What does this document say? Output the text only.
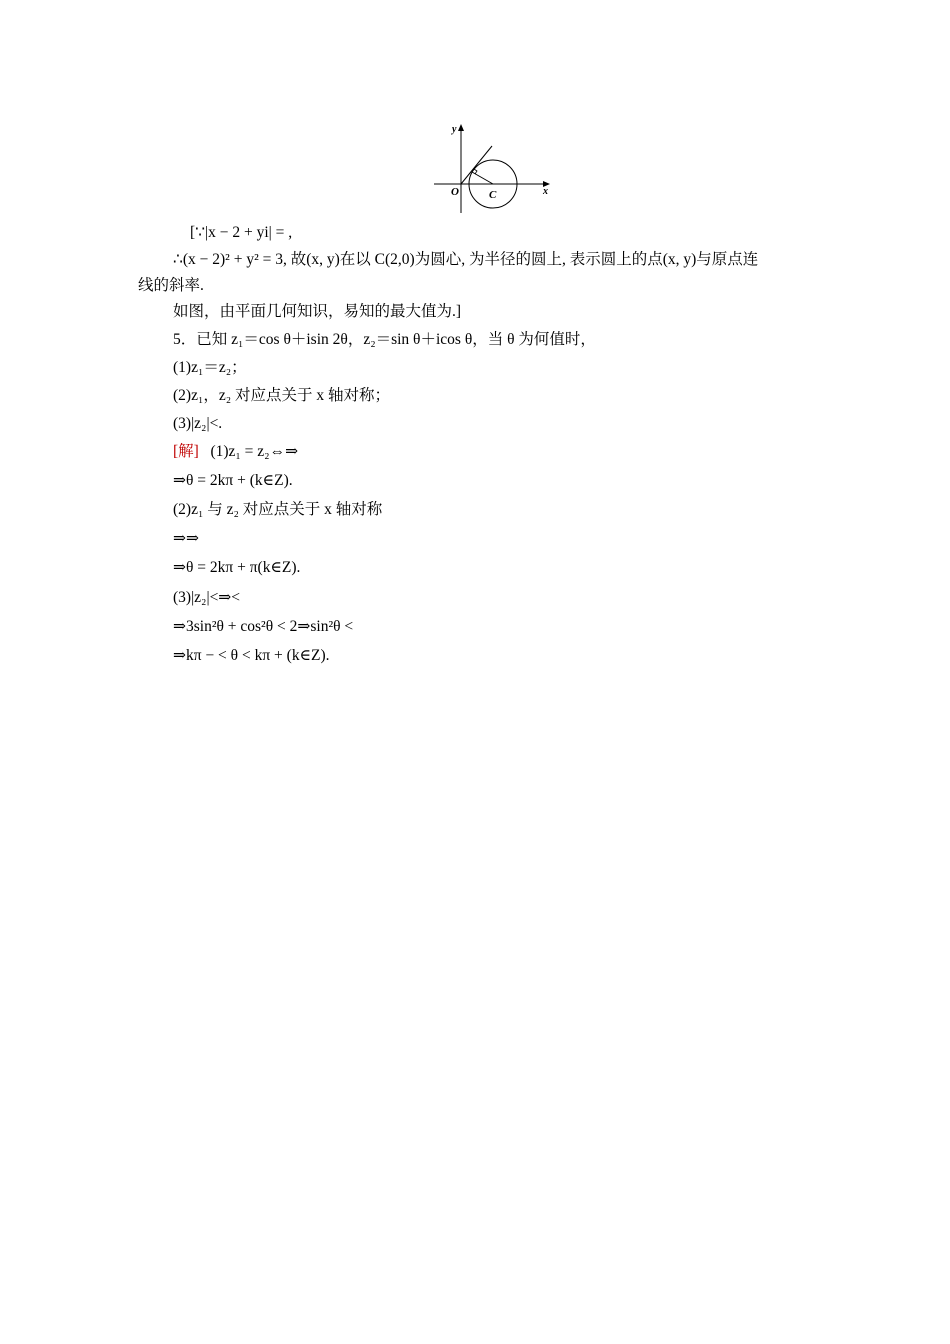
y
x
O	C
[∵|x − 2 + yi| = ,
∴(x − 2)² + y² = 3, 故(x, y)在以 C(2,0)为圆心, 为半径的圆上, 表示圆上的点(x, y)与原点连
线的斜率.
如图，由平面几何知识，易知的最大值为.]
5．已知 z₁＝cos θ＋isin 2θ，z₂＝sin θ＋icos θ，当 θ 为何值时，
(1)z₁＝z₂；
(2)z₁，z₂ 对应点关于 x 轴对称；
(3)|z₂|<.
[解] (1)z₁ = z₂⇔⇒
⇒θ = 2kπ + (k∈Z).
(2)z₁ 与 z₂ 对应点关于 x 轴对称
⇒⇒
⇒θ = 2kπ + π(k∈Z).
(3)|z₂|<⇒<
⇒3sin²θ + cos²θ < 2⇒sin²θ <
⇒kπ − < θ < kπ + (k∈Z).
